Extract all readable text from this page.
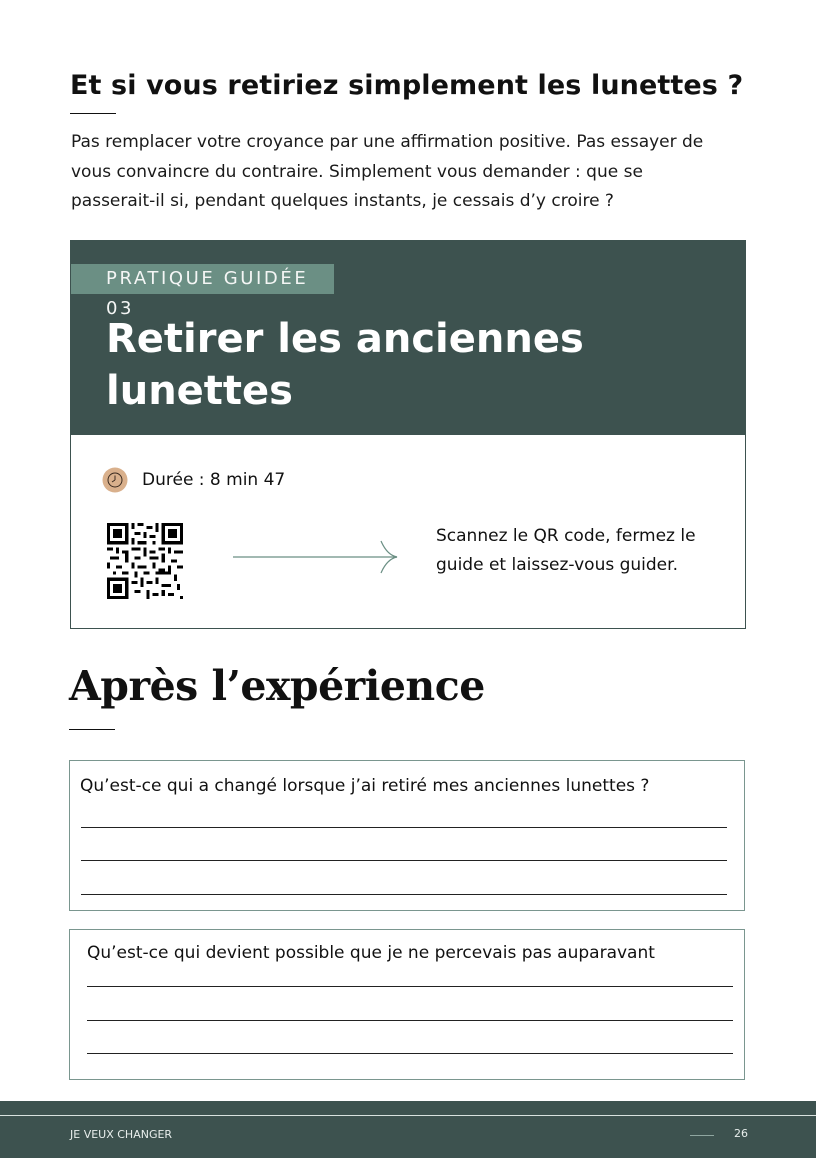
Et si vous retiriez simplement les lunettes ?

Pas remplacer votre croyance par une affirmation positive. Pas essayer de vous convaincre du contraire. Simplement vous demander : que se passerait-il si, pendant quelques instants, je cessais d’y croire ?

PRATIQUE GUIDÉE 03
Retirer les anciennes lunettes
Durée : 8 min 47

Scannez le QR code, fermez le guide et laissez-vous guider.

Après l’expérience

Qu’est-ce qui a changé lorsque j’ai retiré mes anciennes lunettes ?

Qu’est-ce qui devient possible que je ne percevais pas auparavant

JE VEUX CHANGER	26
